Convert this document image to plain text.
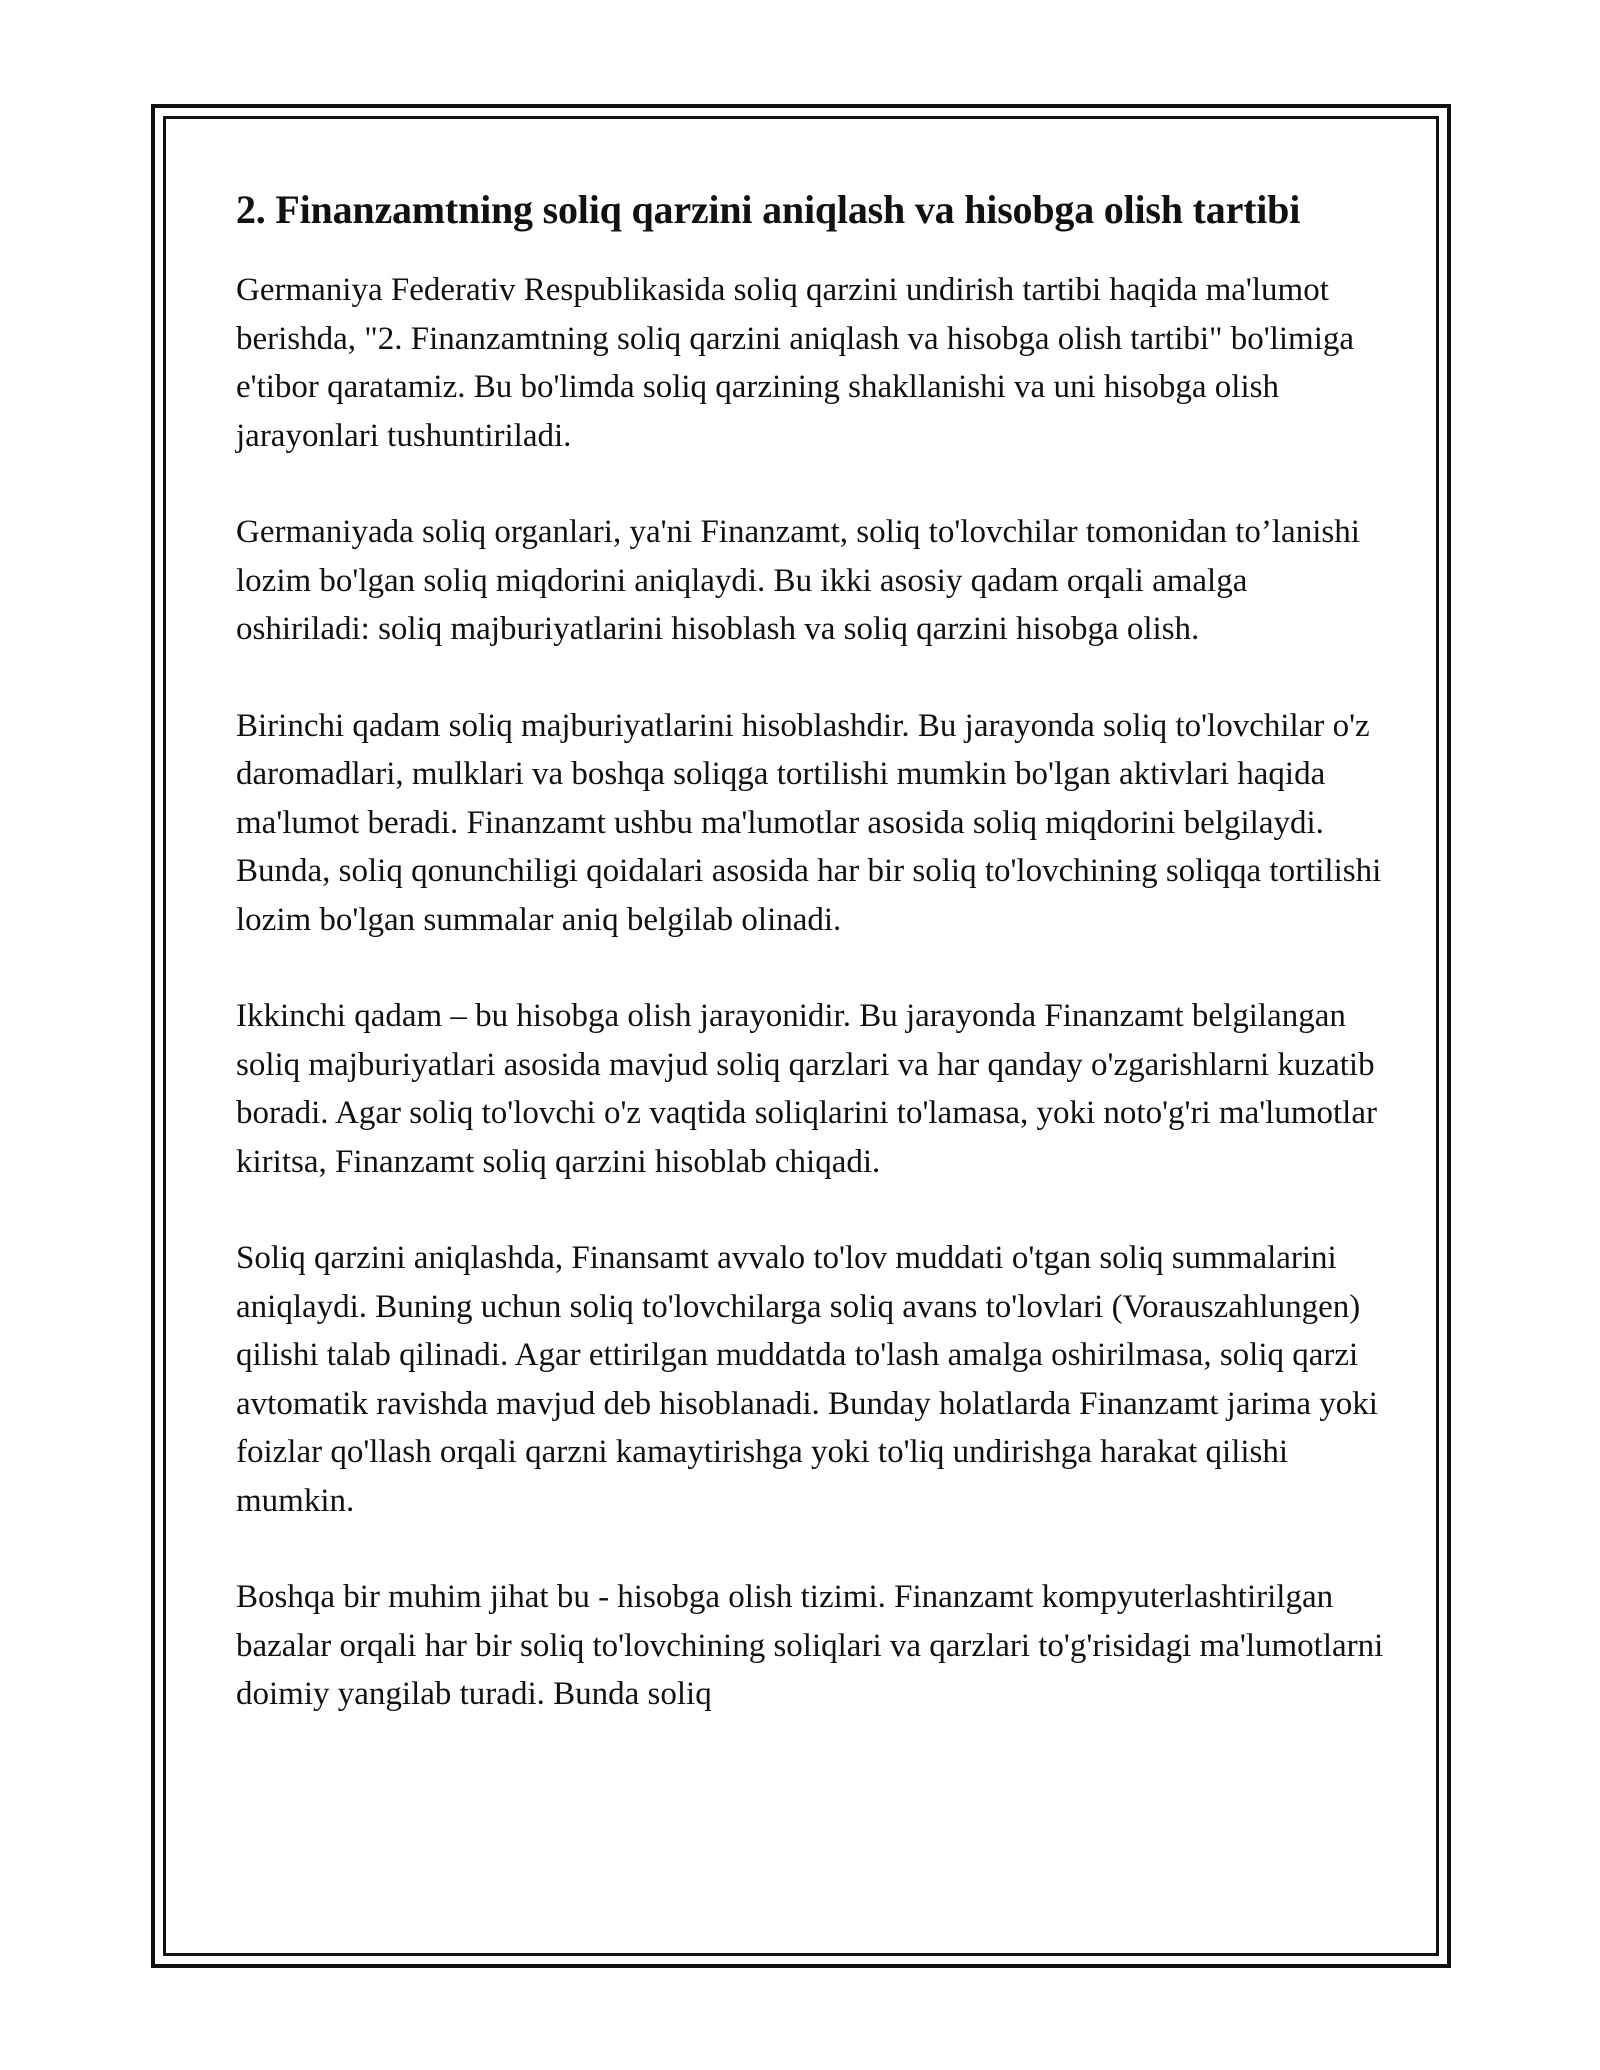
2. Finanzamtning soliq qarzini aniqlash va hisobga olish tartibi

Germaniya Federativ Respublikasida soliq qarzini undirish tartibi haqida ma'lumot berishda, "2. Finanzamtning soliq qarzini aniqlash va hisobga olish tartibi" bo'limiga e'tibor qaratamiz. Bu bo'limda soliq qarzining shakllanishi va uni hisobga olish jarayonlari tushuntiriladi.

Germaniyada soliq organlari, ya'ni Finanzamt, soliq to'lovchilar tomonidan to’lanishi lozim bo'lgan soliq miqdorini aniqlaydi. Bu ikki asosiy qadam orqali amalga oshiriladi: soliq majburiyatlarini hisoblash va soliq qarzini hisobga olish.

Birinchi qadam soliq majburiyatlarini hisoblashdir. Bu jarayonda soliq to'lovchilar o'z daromadlari, mulklari va boshqa soliqga tortilishi mumkin bo'lgan aktivlari haqida ma'lumot beradi. Finanzamt ushbu ma'lumotlar asosida soliq miqdorini belgilaydi. Bunda, soliq qonunchiligi qoidalari asosida har bir soliq to'lovchining soliqqa tortilishi lozim bo'lgan summalar aniq belgilab olinadi.

Ikkinchi qadam – bu hisobga olish jarayonidir. Bu jarayonda Finanzamt belgilangan soliq majburiyatlari asosida mavjud soliq qarzlari va har qanday o'zgarishlarni kuzatib boradi. Agar soliq to'lovchi o'z vaqtida soliqlarini to'lamasa, yoki noto'g'ri ma'lumotlar kiritsa, Finanzamt soliq qarzini hisoblab chiqadi.

Soliq qarzini aniqlashda, Finansamt avvalo to'lov muddati o'tgan soliq summalarini aniqlaydi. Buning uchun soliq to'lovchilarga soliq avans to'lovlari (Vorauszahlungen) qilishi talab qilinadi. Agar ettirilgan muddatda to'lash amalga oshirilmasa, soliq qarzi avtomatik ravishda mavjud deb hisoblanadi. Bunday holatlarda Finanzamt jarima yoki foizlar qo'llash orqali qarzni kamaytirishga yoki to'liq undirishga harakat qilishi mumkin.

Boshqa bir muhim jihat bu - hisobga olish tizimi. Finanzamt kompyuterlashtirilgan bazalar orqali har bir soliq to'lovchining soliqlari va qarzlari to'g'risidagi ma'lumotlarni doimiy yangilab turadi. Bunda soliq
